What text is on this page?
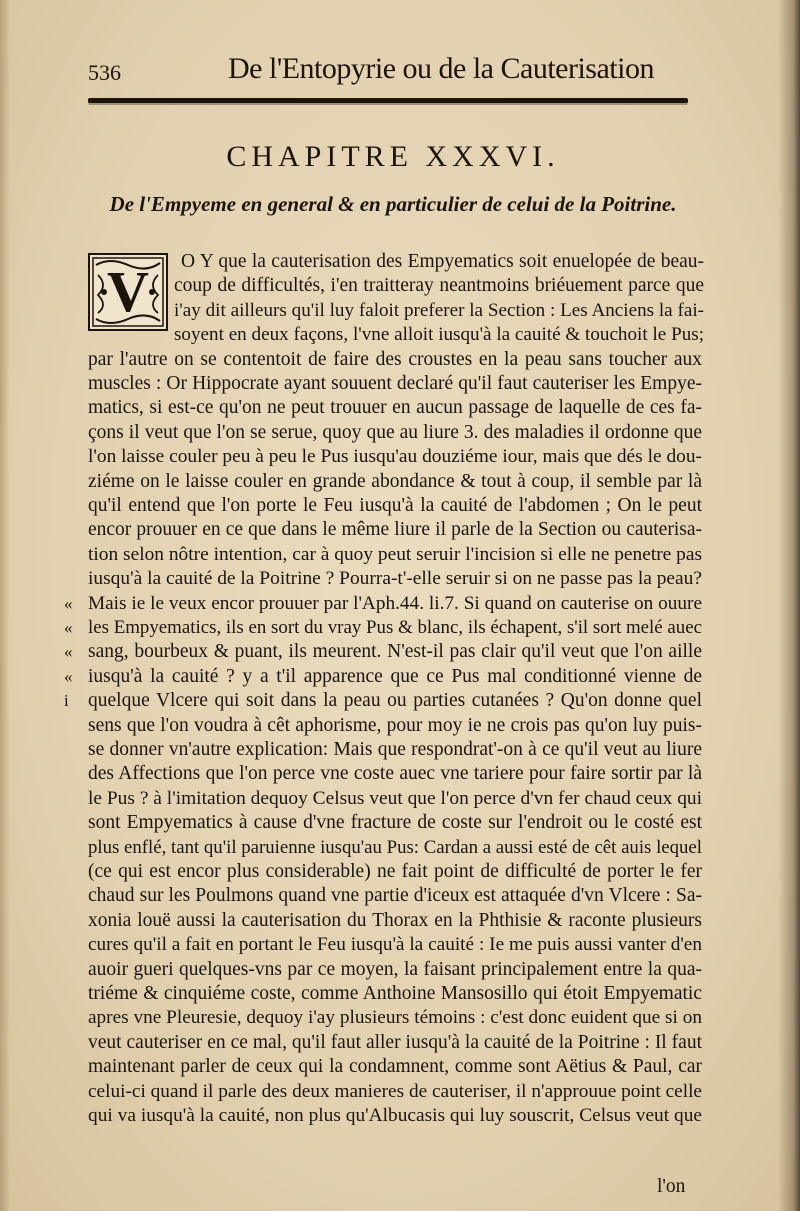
536	De l'Entopyrie ou de la Cauterisation
CHAPITRE XXXVI.
De l'Empyeme en general & en particulier de celui de la Poitrine.
V	O Y que la cauterisation des Empyematics soit enuelopée de beau-
coup de difficultés, i'en traitteray neantmoins briéuement parce que
i'ay dit ailleurs qu'il luy faloit preferer la Section : Les Anciens la fai-
soyent en deux façons, l'vne alloit iusqu'à la cauité & touchoit le Pus;
par l'autre on se contentoit de faire des croustes en la peau sans toucher aux
muscles : Or Hippocrate ayant souuent declaré qu'il faut cauteriser les Empye-
matics, si est-ce qu'on ne peut trouuer en aucun passage de laquelle de ces fa-
çons il veut que l'on se serue, quoy que au liure 3. des maladies il ordonne que
l'on laisse couler peu à peu le Pus iusqu'au douziéme iour, mais que dés le dou-
ziéme on le laisse couler en grande abondance & tout à coup, il semble par là
qu'il entend que l'on porte le Feu iusqu'à la cauité de l'abdomen ; On le peut
encor prouuer en ce que dans le même liure il parle de la Section ou cauterisa-
tion selon nôtre intention, car à quoy peut seruir l'incision si elle ne penetre pas
iusqu'à la cauité de la Poitrine ? Pourra-t'-elle seruir si on ne passe pas la peau?
Mais ie le veux encor prouuer par l'Aph.44. li.7. Si quand on cauterise on ouure
les Empyematics, ils en sort du vray Pus & blanc, ils échapent, s'il sort melé auec
sang, bourbeux & puant, ils meurent. N'est-il pas clair qu'il veut que l'on aille
iusqu'à la cauité ? y a t'il apparence que ce Pus mal conditionné vienne de
quelque Vlcere qui soit dans la peau ou parties cutanées ? Qu'on donne quel
sens que l'on voudra à cêt aphorisme, pour moy ie ne crois pas qu'on luy puis-
se donner vn'autre explication: Mais que respondrat'-on à ce qu'il veut au liure
des Affections que l'on perce vne coste auec vne tariere pour faire sortir par là
le Pus ? à l'imitation dequoy Celsus veut que l'on perce d'vn fer chaud ceux qui
sont Empyematics à cause d'vne fracture de coste sur l'endroit ou le costé est
plus enflé, tant qu'il paruienne iusqu'au Pus: Cardan a aussi esté de cêt auis lequel
(ce qui est encor plus considerable) ne fait point de difficulté de porter le fer
chaud sur les Poulmons quand vne partie d'iceux est attaquée d'vn Vlcere : Sa-
xonia louë aussi la cauterisation du Thorax en la Phthisie & raconte plusieurs
cures qu'il a fait en portant le Feu iusqu'à la cauité : Ie me puis aussi vanter d'en
auoir gueri quelques-vns par ce moyen, la faisant principalement entre la qua-
triéme & cinquiéme coste, comme Anthoine Mansosillo qui étoit Empyematic
apres vne Pleuresie, dequoy i'ay plusieurs témoins : c'est donc euident que si on
veut cauteriser en ce mal, qu'il faut aller iusqu'à la cauité de la Poitrine : Il faut
maintenant parler de ceux qui la condamnent, comme sont Aëtius & Paul, car
celui-ci quand il parle des deux manieres de cauteriser, il n'approuue point celle
qui va iusqu'à la cauité, non plus qu'Albucasis qui luy souscrit, Celsus veut que
l'on
«
«
«
«
i
